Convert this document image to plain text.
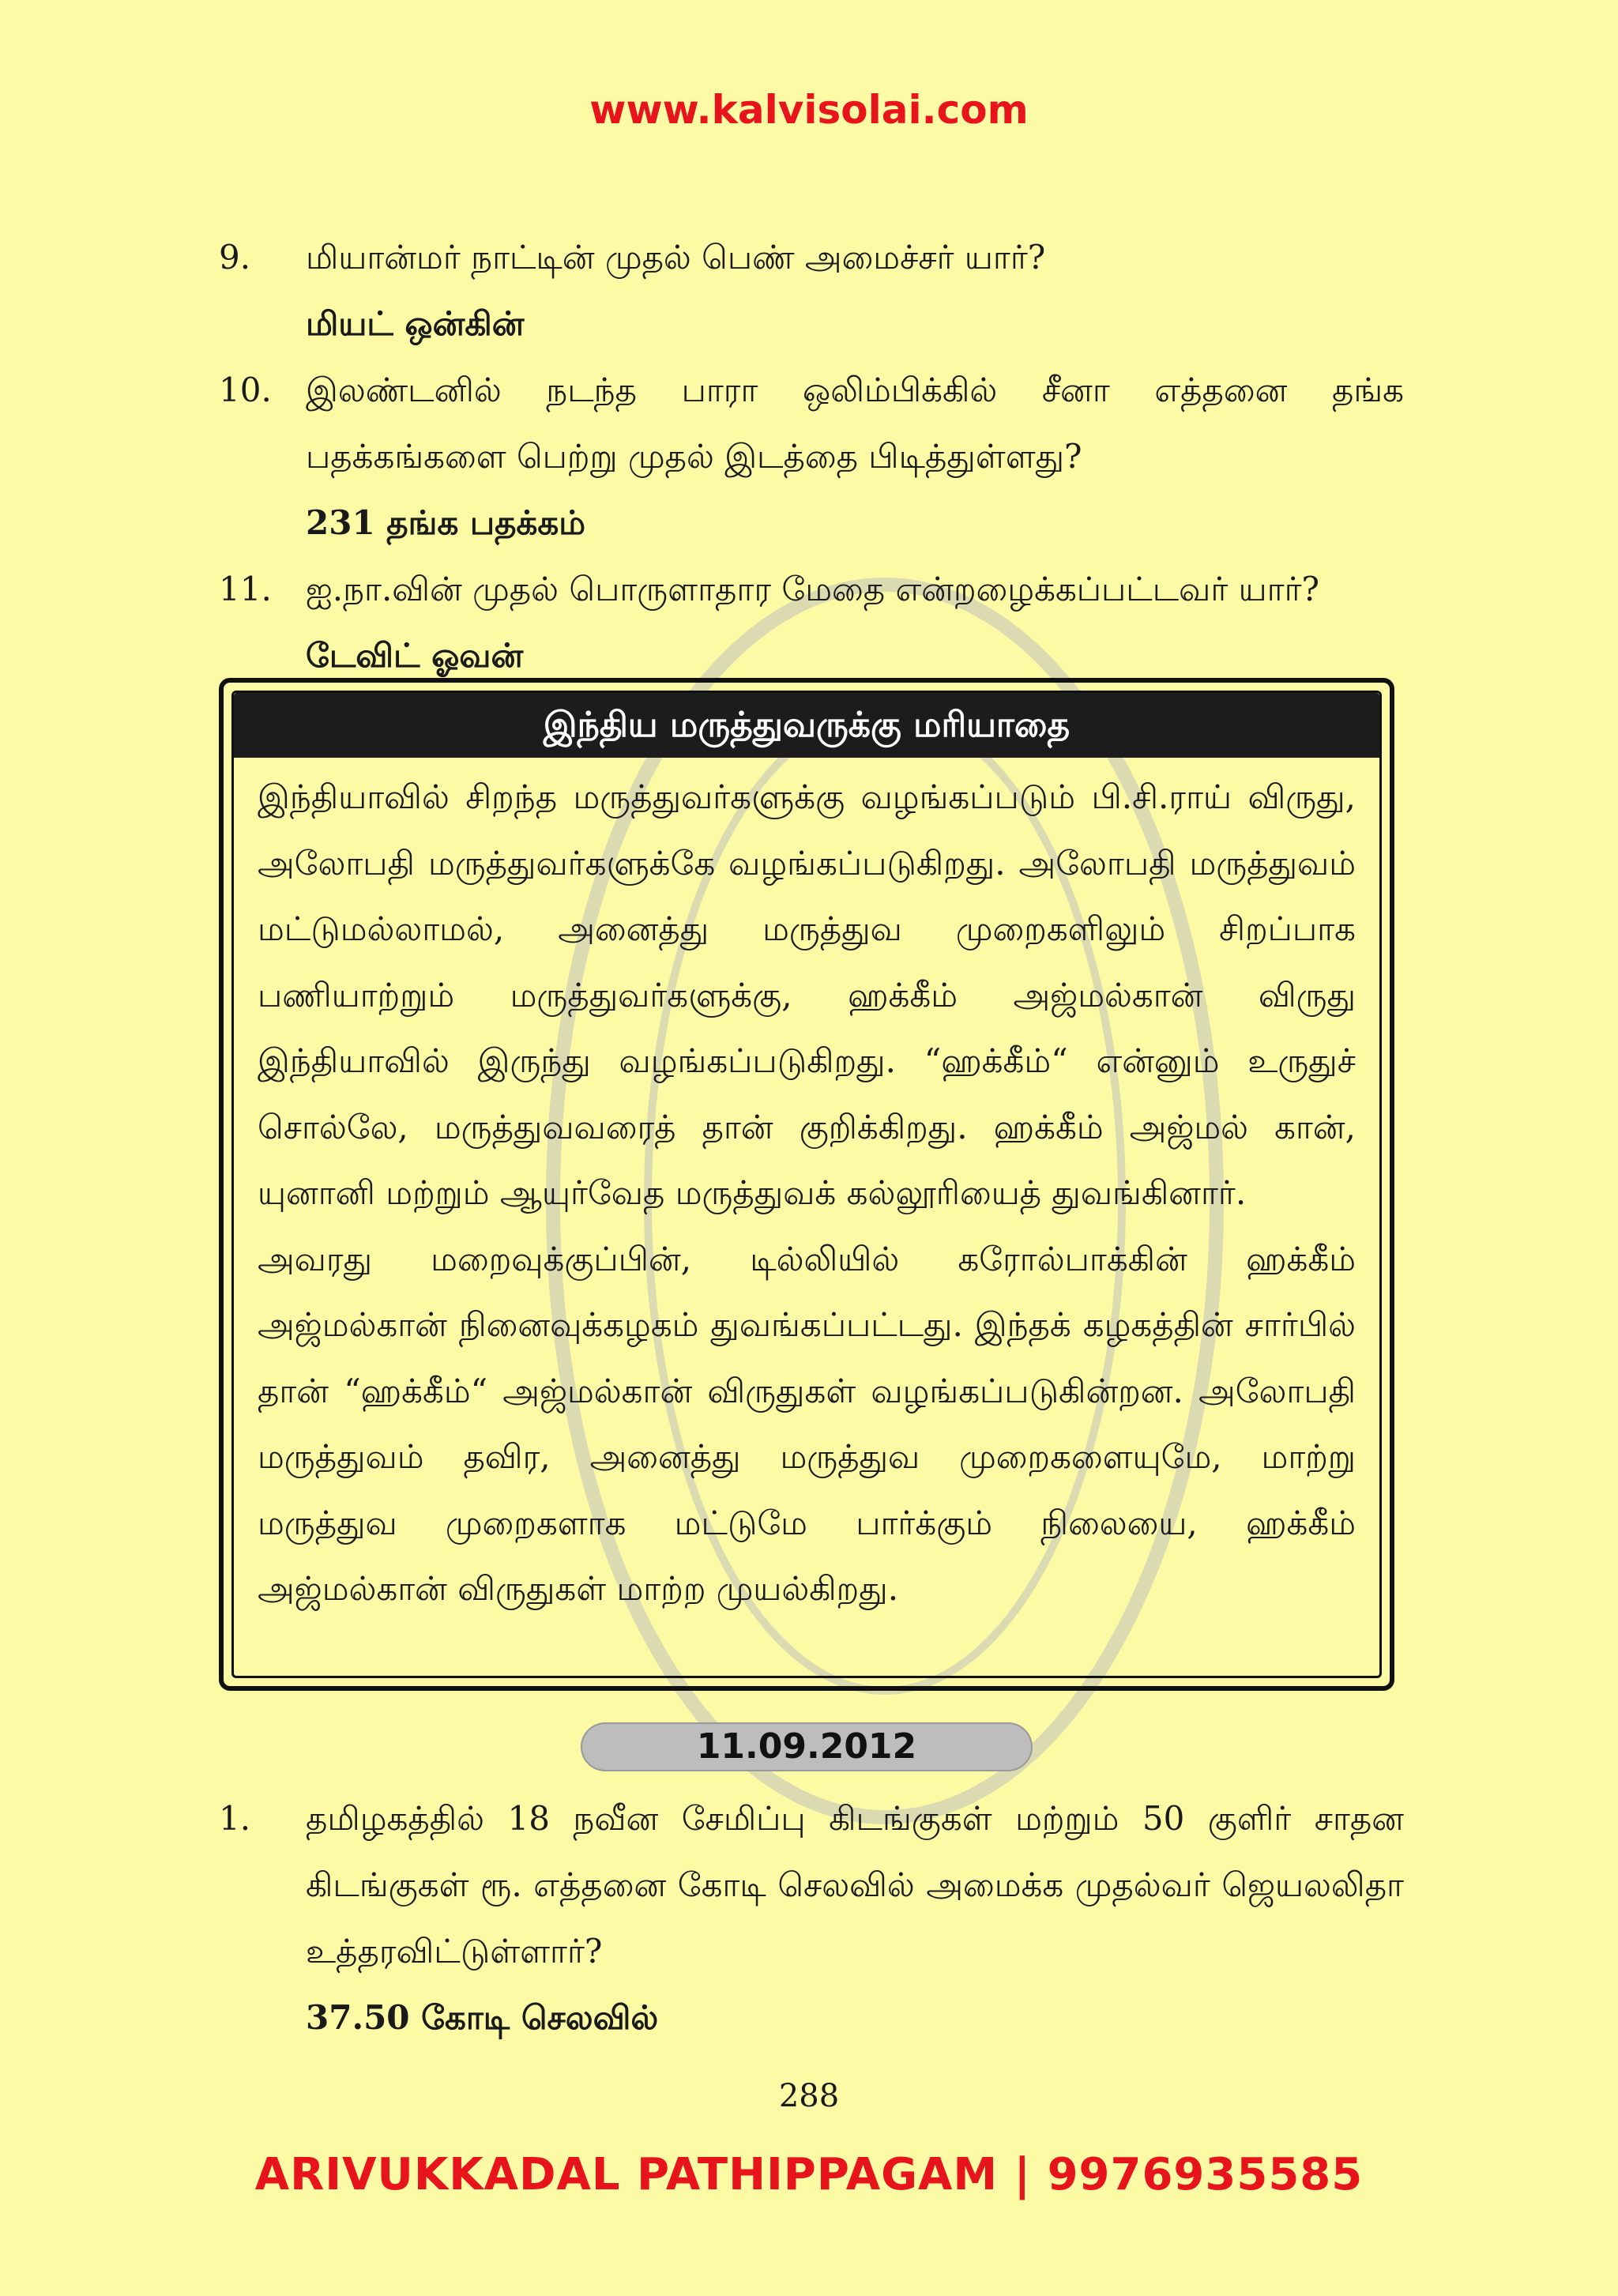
www.kalvisolai.com
9.	மியான்மர் நாட்டின் முதல் பெண் அமைச்சர் யார்?
மியட் ஒன்கின்
10.	இலண்டனில் நடந்த பாரா ஒலிம்பிக்கில் சீனா எத்தனை தங்க பதக்கங்களை பெற்று முதல் இடத்தை பிடித்துள்ளது?
231 தங்க பதக்கம்
11.	ஐ.நா.வின் முதல் பொருளாதார மேதை என்றழைக்கப்பட்டவர் யார்?
டேவிட் ஓவன்
இந்திய மருத்துவருக்கு மரியாதை

இந்தியாவில் சிறந்த மருத்துவர்களுக்கு வழங்கப்படும் பி.சி.ராய் விருது, அலோபதி மருத்துவர்களுக்கே வழங்கப்படுகிறது. அலோபதி மருத்துவம் மட்டுமல்லாமல், அனைத்து மருத்துவ முறைகளிலும் சிறப்பாக பணியாற்றும் மருத்துவர்களுக்கு, ஹக்கீம் அஜ்மல்கான் விருது இந்தியாவில் இருந்து வழங்கப்படுகிறது. “ஹக்கீம்“ என்னும் உருதுச் சொல்லே, மருத்துவவரைத் தான் குறிக்கிறது. ஹக்கீம் அஜ்மல் கான், யுனானி மற்றும் ஆயுர்வேத மருத்துவக் கல்லூரியைத் துவங்கினார்.

அவரது மறைவுக்குப்பின், டில்லியில் கரோல்பாக்கின் ஹக்கீம் அஜ்மல்கான் நினைவுக்கழகம் துவங்கப்பட்டது. இந்தக் கழகத்தின் சார்பில் தான் “ஹக்கீம்“ அஜ்மல்கான் விருதுகள் வழங்கப்படுகின்றன. அலோபதி மருத்துவம் தவிர, அனைத்து மருத்துவ முறைகளையுமே, மாற்று மருத்துவ முறைகளாக மட்டுமே பார்க்கும் நிலையை, ஹக்கீம் அஜ்மல்கான் விருதுகள் மாற்ற முயல்கிறது.

11.09.2012
1.	தமிழகத்தில் 18 நவீன சேமிப்பு கிடங்குகள் மற்றும் 50 குளிர் சாதன கிடங்குகள் ரூ. எத்தனை கோடி செலவில் அமைக்க முதல்வர் ஜெயலலிதா உத்தரவிட்டுள்ளார்?
37.50 கோடி செலவில்
288
ARIVUKKADAL PATHIPPAGAM | 9976935585
